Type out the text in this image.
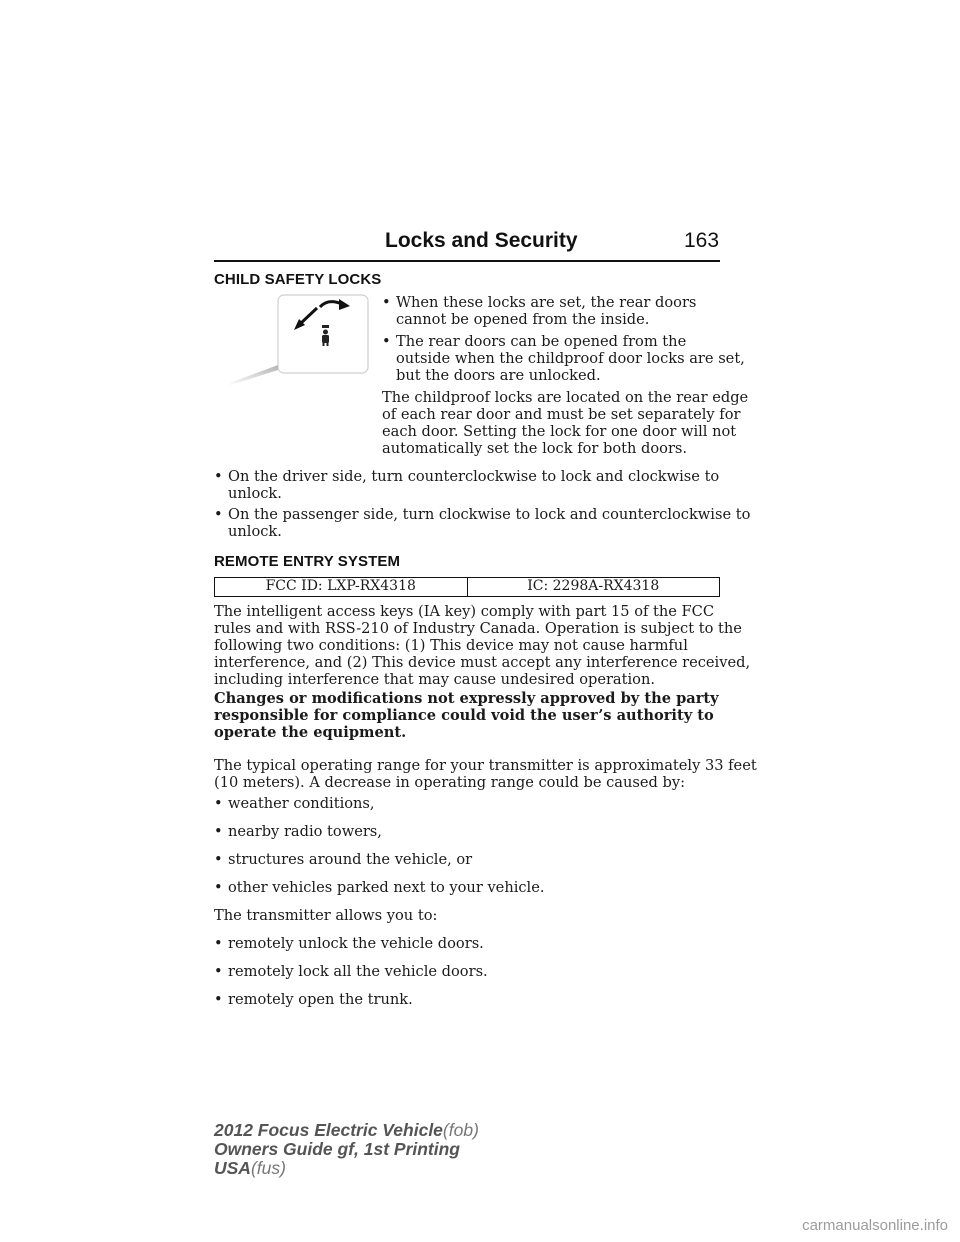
Locks and Security	163
CHILD SAFETY LOCKS
• When these locks are set, the rear doors
cannot be opened from the inside.
• The rear doors can be opened from the
outside when the childproof door locks are set,
but the doors are unlocked.
The childproof locks are located on the rear edge
of each rear door and must be set separately for
each door. Setting the lock for one door will not
automatically set the lock for both doors.
• On the driver side, turn counterclockwise to lock and clockwise to
unlock.
• On the passenger side, turn clockwise to lock and counterclockwise to
unlock.
REMOTE ENTRY SYSTEM
FCC ID: LXP-RX4318	IC: 2298A-RX4318
The intelligent access keys (IA key) comply with part 15 of the FCC
rules and with RSS-210 of Industry Canada. Operation is subject to the
following two conditions: (1) This device may not cause harmful
interference, and (2) This device must accept any interference received,
including interference that may cause undesired operation.
Changes or modifications not expressly approved by the party
responsible for compliance could void the user’s authority to
operate the equipment.
The typical operating range for your transmitter is approximately 33 feet
(10 meters). A decrease in operating range could be caused by:
• weather conditions,
• nearby radio towers,
• structures around the vehicle, or
• other vehicles parked next to your vehicle.
The transmitter allows you to:
• remotely unlock the vehicle doors.
• remotely lock all the vehicle doors.
• remotely open the trunk.
2012 Focus Electric Vehicle(fob)
Owners Guide gf, 1st Printing
USA(fus)
carmanualsonline.info
